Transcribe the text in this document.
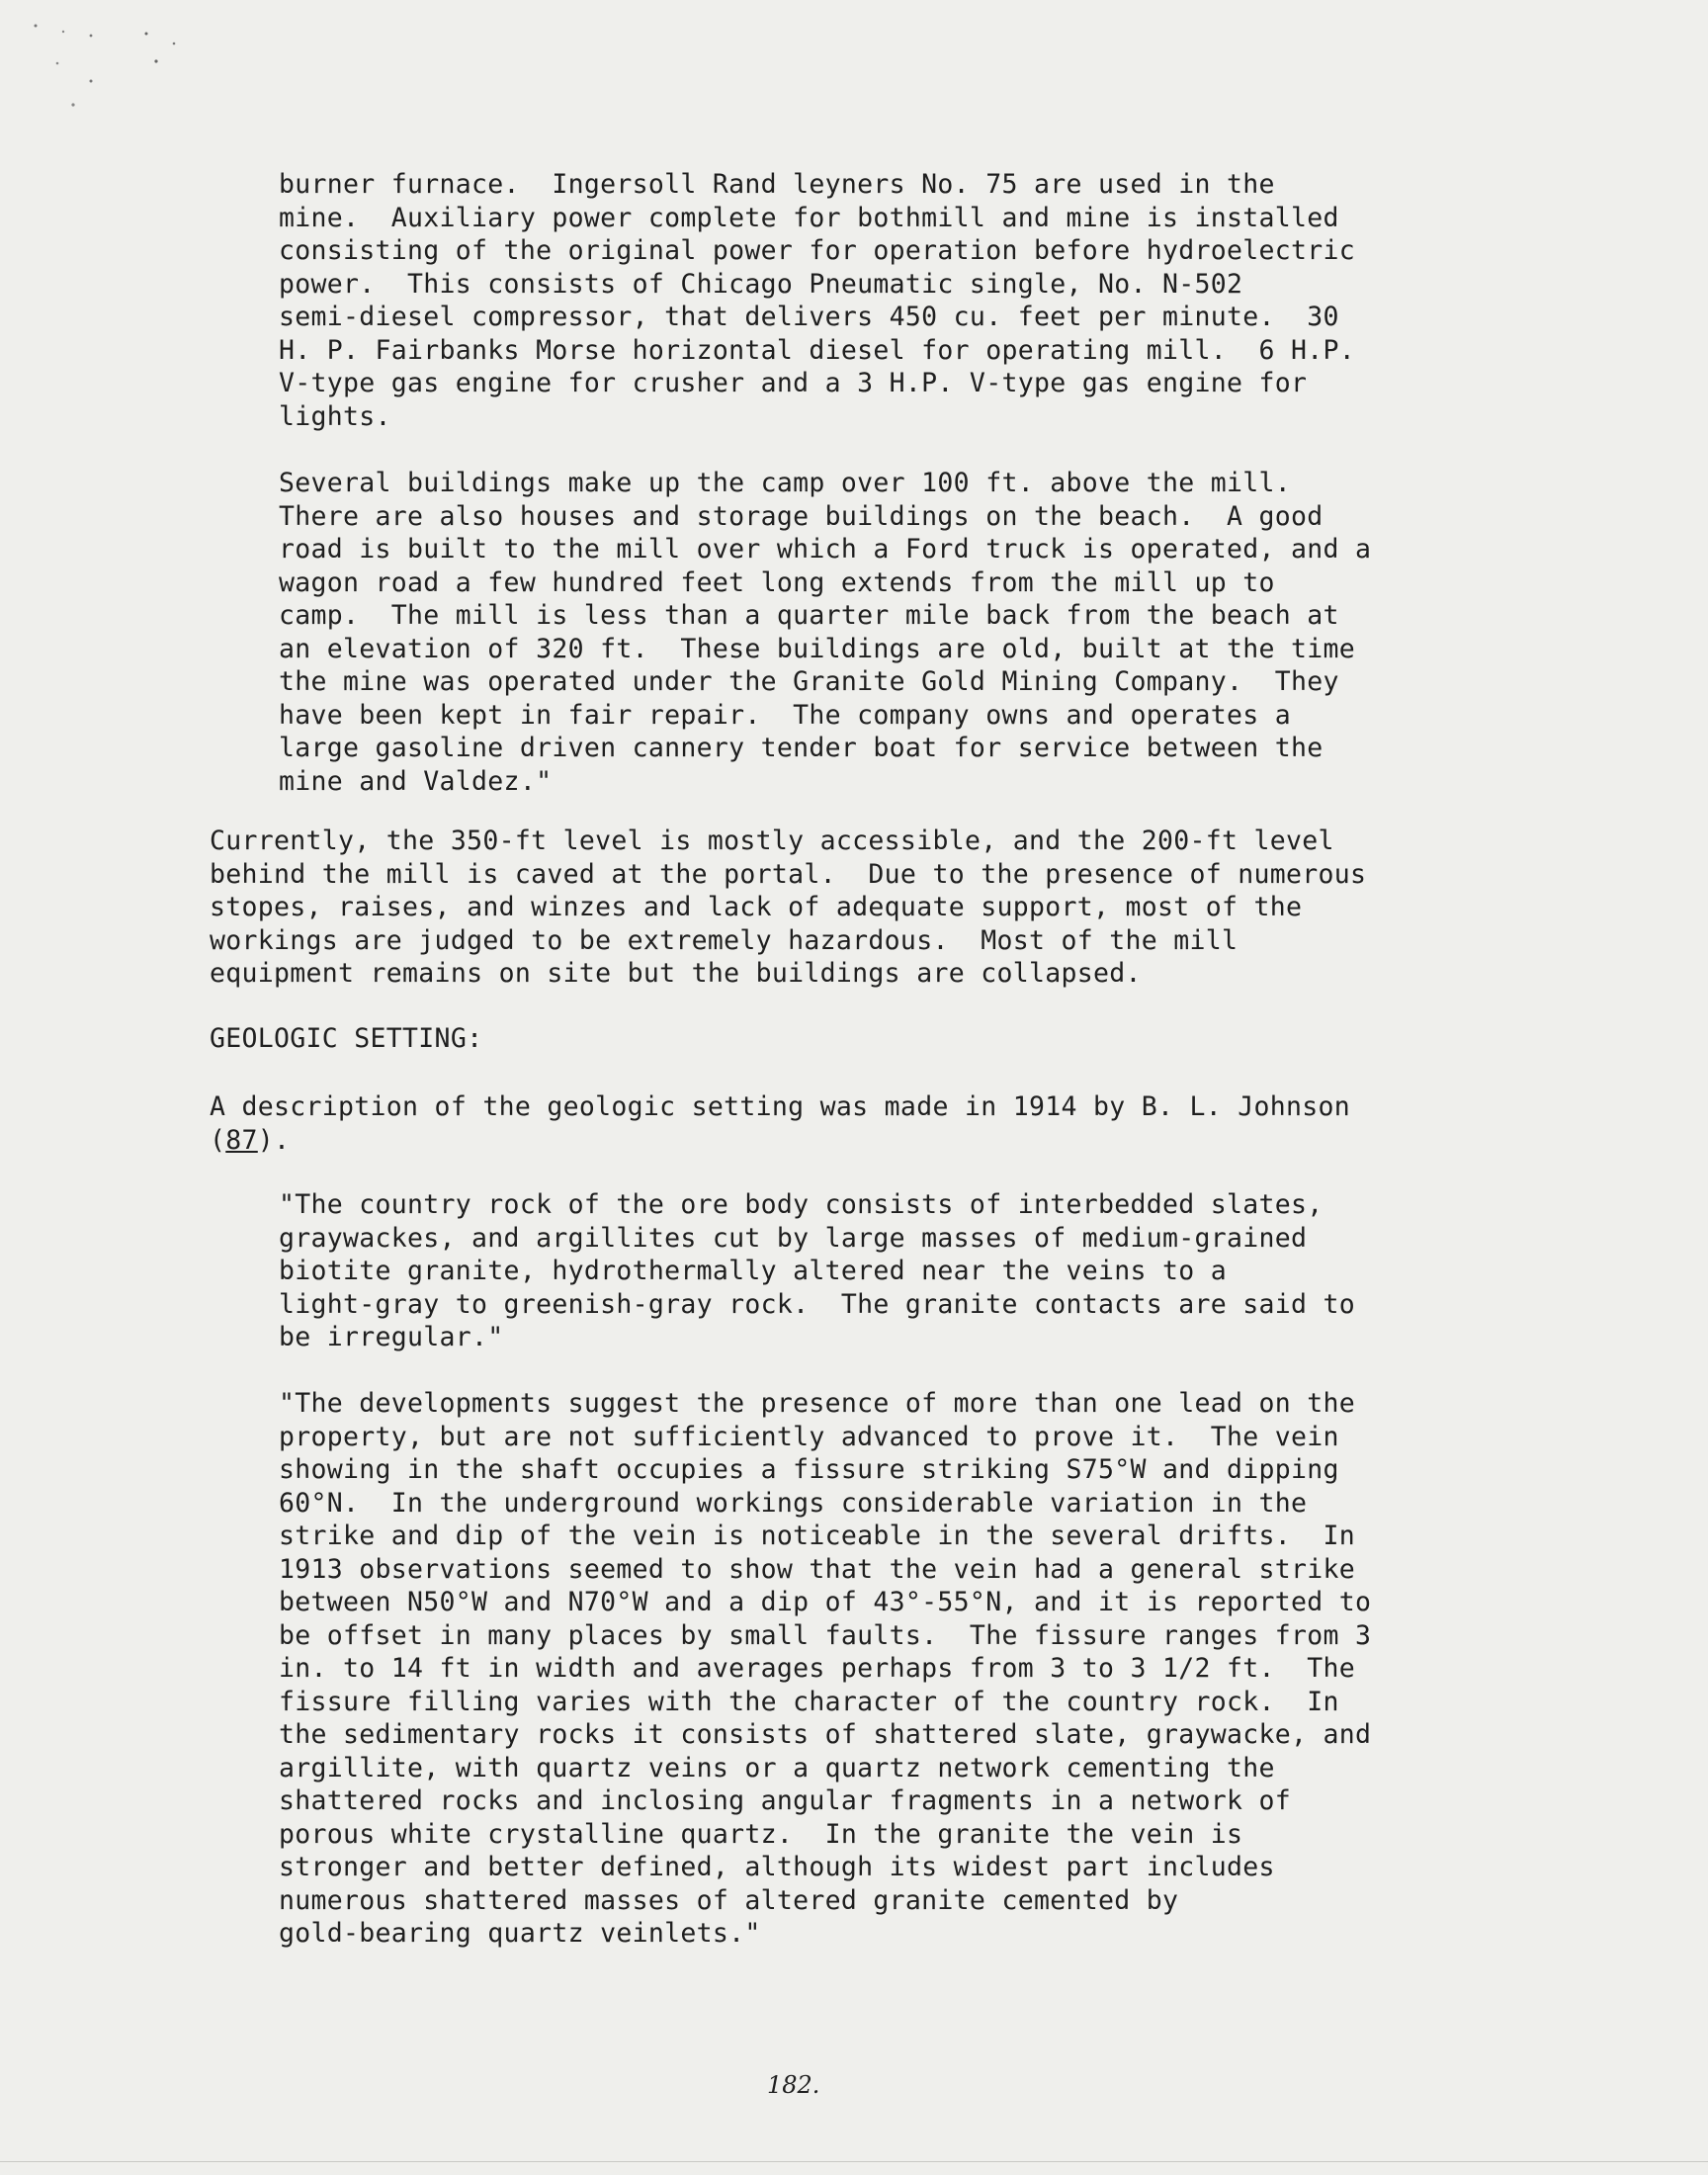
burner furnace.  Ingersoll Rand leyners No. 75 are used in the
mine.  Auxiliary power complete for bothmill and mine is installed
consisting of the original power for operation before hydroelectric
power.  This consists of Chicago Pneumatic single, No. N-502
semi-diesel compressor, that delivers 450 cu. feet per minute.  30
H. P. Fairbanks Morse horizontal diesel for operating mill.  6 H.P.
V-type gas engine for crusher and a 3 H.P. V-type gas engine for
lights.

Several buildings make up the camp over 100 ft. above the mill.
There are also houses and storage buildings on the beach.  A good
road is built to the mill over which a Ford truck is operated, and a
wagon road a few hundred feet long extends from the mill up to
camp.  The mill is less than a quarter mile back from the beach at
an elevation of 320 ft.  These buildings are old, built at the time
the mine was operated under the Granite Gold Mining Company.  They
have been kept in fair repair.  The company owns and operates a
large gasoline driven cannery tender boat for service between the
mine and Valdez."

Currently, the 350-ft level is mostly accessible, and the 200-ft level
behind the mill is caved at the portal.  Due to the presence of numerous
stopes, raises, and winzes and lack of adequate support, most of the
workings are judged to be extremely hazardous.  Most of the mill
equipment remains on site but the buildings are collapsed.

GEOLOGIC SETTING:

A description of the geologic setting was made in 1914 by B. L. Johnson
(87).

"The country rock of the ore body consists of interbedded slates,
graywackes, and argillites cut by large masses of medium-grained
biotite granite, hydrothermally altered near the veins to a
light-gray to greenish-gray rock.  The granite contacts are said to
be irregular."

"The developments suggest the presence of more than one lead on the
property, but are not sufficiently advanced to prove it.  The vein
showing in the shaft occupies a fissure striking S75°W and dipping
60°N.  In the underground workings considerable variation in the
strike and dip of the vein is noticeable in the several drifts.  In
1913 observations seemed to show that the vein had a general strike
between N50°W and N70°W and a dip of 43°-55°N, and it is reported to
be offset in many places by small faults.  The fissure ranges from 3
in. to 14 ft in width and averages perhaps from 3 to 3 1/2 ft.  The
fissure filling varies with the character of the country rock.  In
the sedimentary rocks it consists of shattered slate, graywacke, and
argillite, with quartz veins or a quartz network cementing the
shattered rocks and inclosing angular fragments in a network of
porous white crystalline quartz.  In the granite the vein is
stronger and better defined, although its widest part includes
numerous shattered masses of altered granite cemented by
gold-bearing quartz veinlets."

182.
